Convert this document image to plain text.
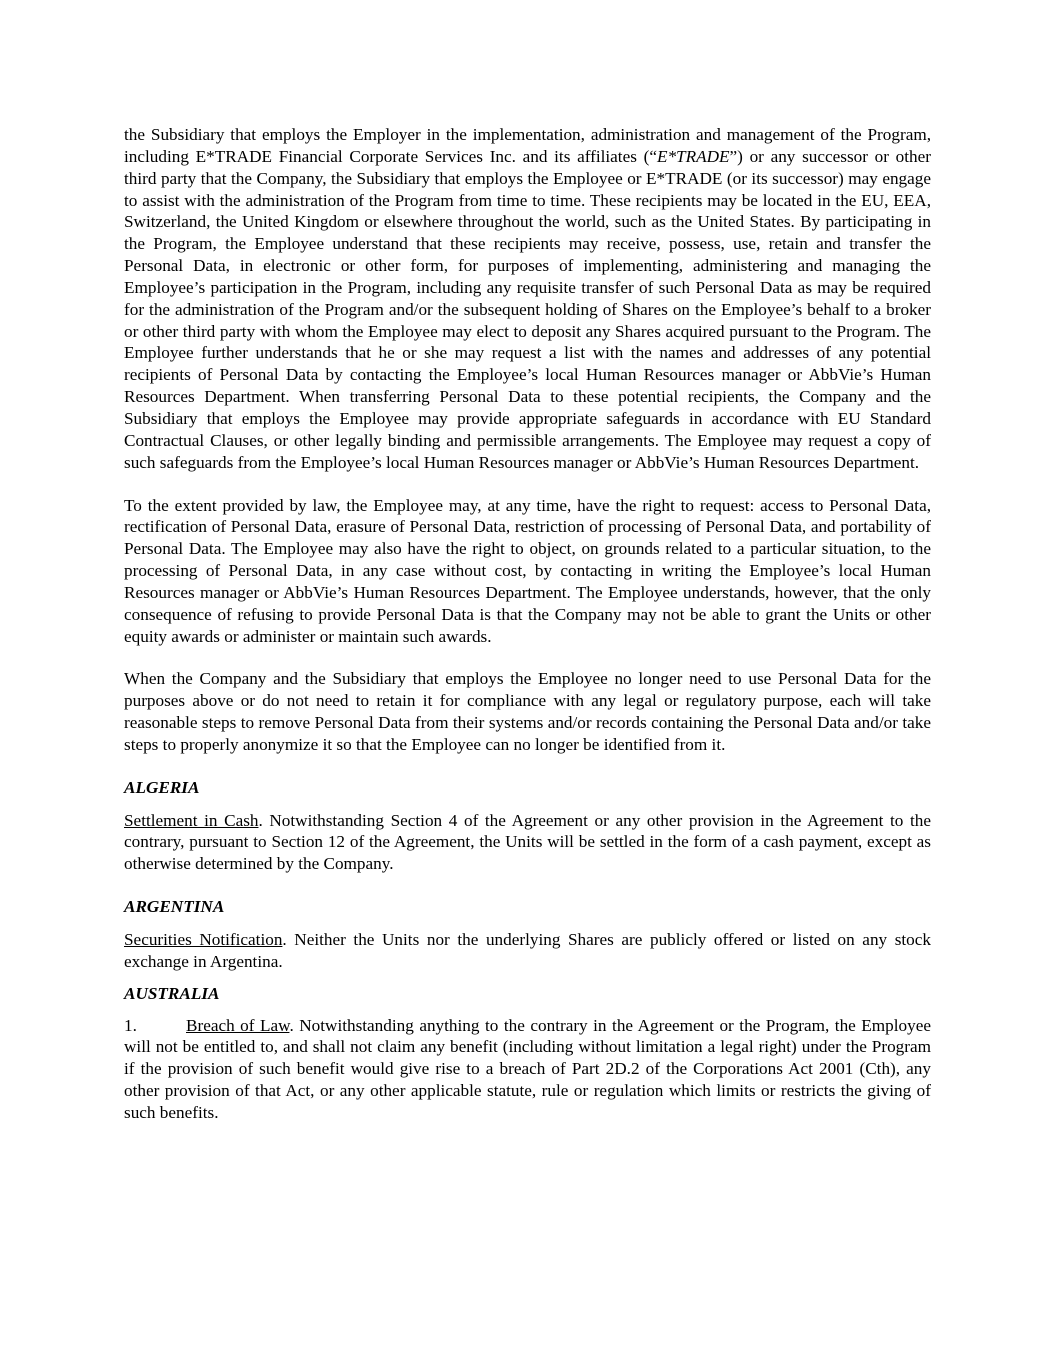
the Subsidiary that employs the Employer in the implementation, administration and management of the Program, including E*TRADE Financial Corporate Services Inc. and its affiliates (“E*TRADE”) or any successor or other third party that the Company, the Subsidiary that employs the Employee or E*TRADE (or its successor) may engage to assist with the administration of the Program from time to time. These recipients may be located in the EU, EEA, Switzerland, the United Kingdom or elsewhere throughout the world, such as the United States. By participating in the Program, the Employee understand that these recipients may receive, possess, use, retain and transfer the Personal Data, in electronic or other form, for purposes of implementing, administering and managing the Employee’s participation in the Program, including any requisite transfer of such Personal Data as may be required for the administration of the Program and/or the subsequent holding of Shares on the Employee’s behalf to a broker or other third party with whom the Employee may elect to deposit any Shares acquired pursuant to the Program. The Employee further understands that he or she may request a list with the names and addresses of any potential recipients of Personal Data by contacting the Employee’s local Human Resources manager or AbbVie’s Human Resources Department. When transferring Personal Data to these potential recipients, the Company and the Subsidiary that employs the Employee may provide appropriate safeguards in accordance with EU Standard Contractual Clauses, or other legally binding and permissible arrangements. The Employee may request a copy of such safeguards from the Employee’s local Human Resources manager or AbbVie’s Human Resources Department.

To the extent provided by law, the Employee may, at any time, have the right to request: access to Personal Data, rectification of Personal Data, erasure of Personal Data, restriction of processing of Personal Data, and portability of Personal Data. The Employee may also have the right to object, on grounds related to a particular situation, to the processing of Personal Data, in any case without cost, by contacting in writing the Employee’s local Human Resources manager or AbbVie’s Human Resources Department. The Employee understands, however, that the only consequence of refusing to provide Personal Data is that the Company may not be able to grant the Units or other equity awards or administer or maintain such awards.

When the Company and the Subsidiary that employs the Employee no longer need to use Personal Data for the purposes above or do not need to retain it for compliance with any legal or regulatory purpose, each will take reasonable steps to remove Personal Data from their systems and/or records containing the Personal Data and/or take steps to properly anonymize it so that the Employee can no longer be identified from it.

ALGERIA

Settlement in Cash. Notwithstanding Section 4 of the Agreement or any other provision in the Agreement to the contrary, pursuant to Section 12 of the Agreement, the Units will be settled in the form of a cash payment, except as otherwise determined by the Company.

ARGENTINA

Securities Notification. Neither the Units nor the underlying Shares are publicly offered or listed on any stock exchange in Argentina.

AUSTRALIA

1.	Breach of Law. Notwithstanding anything to the contrary in the Agreement or the Program, the Employee will not be entitled to, and shall not claim any benefit (including without limitation a legal right) under the Program if the provision of such benefit would give rise to a breach of Part 2D.2 of the Corporations Act 2001 (Cth), any other provision of that Act, or any other applicable statute, rule or regulation which limits or restricts the giving of such benefits.
